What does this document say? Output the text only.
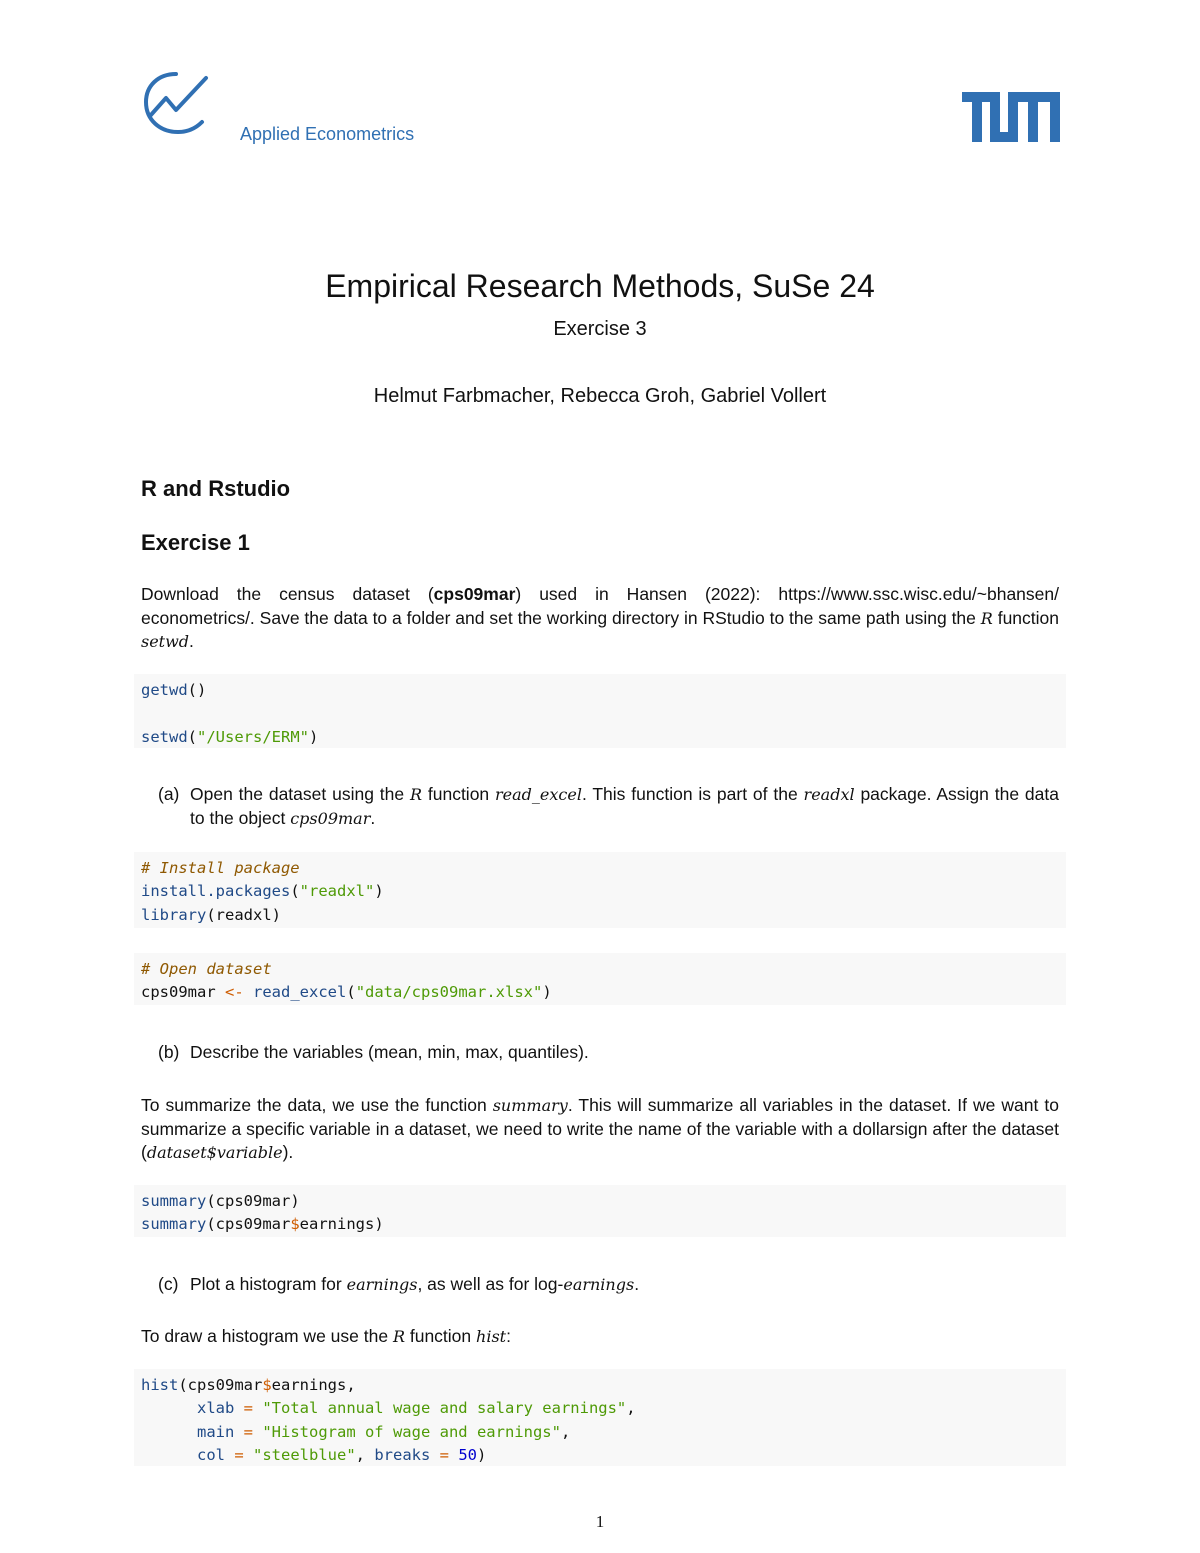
Applied Econometrics
Empirical Research Methods, SuSe 24
Exercise 3
Helmut Farbmacher, Rebecca Groh, Gabriel Vollert
R and Rstudio
Exercise 1

Download the census dataset (cps09mar) used in Hansen (2022): https://www.ssc.wisc.edu/~bhansen/ econometrics/. Save the data to a folder and set the working directory in RStudio to the same path using the R function setwd.

getwd()

setwd("/Users/ERM")
(a) Open the dataset using the R function read_excel. This function is part of the readxl package. Assign the data to the object cps09mar.
# Install package
install.packages("readxl")
library(readxl)
# Open dataset
cps09mar <- read_excel("data/cps09mar.xlsx")
(b) Describe the variables (mean, min, max, quantiles).

To summarize the data, we use the function summary. This will summarize all variables in the dataset. If we want to summarize a specific variable in a dataset, we need to write the name of the variable with a dollarsign after the dataset (dataset$variable).

summary(cps09mar)
summary(cps09mar$earnings)
(c) Plot a histogram for earnings, as well as for log-earnings.

To draw a histogram we use the R function hist:

hist(cps09mar$earnings,
xlab = "Total annual wage and salary earnings",
main = "Histogram of wage and earnings",
col = "steelblue", breaks = 50)
1
